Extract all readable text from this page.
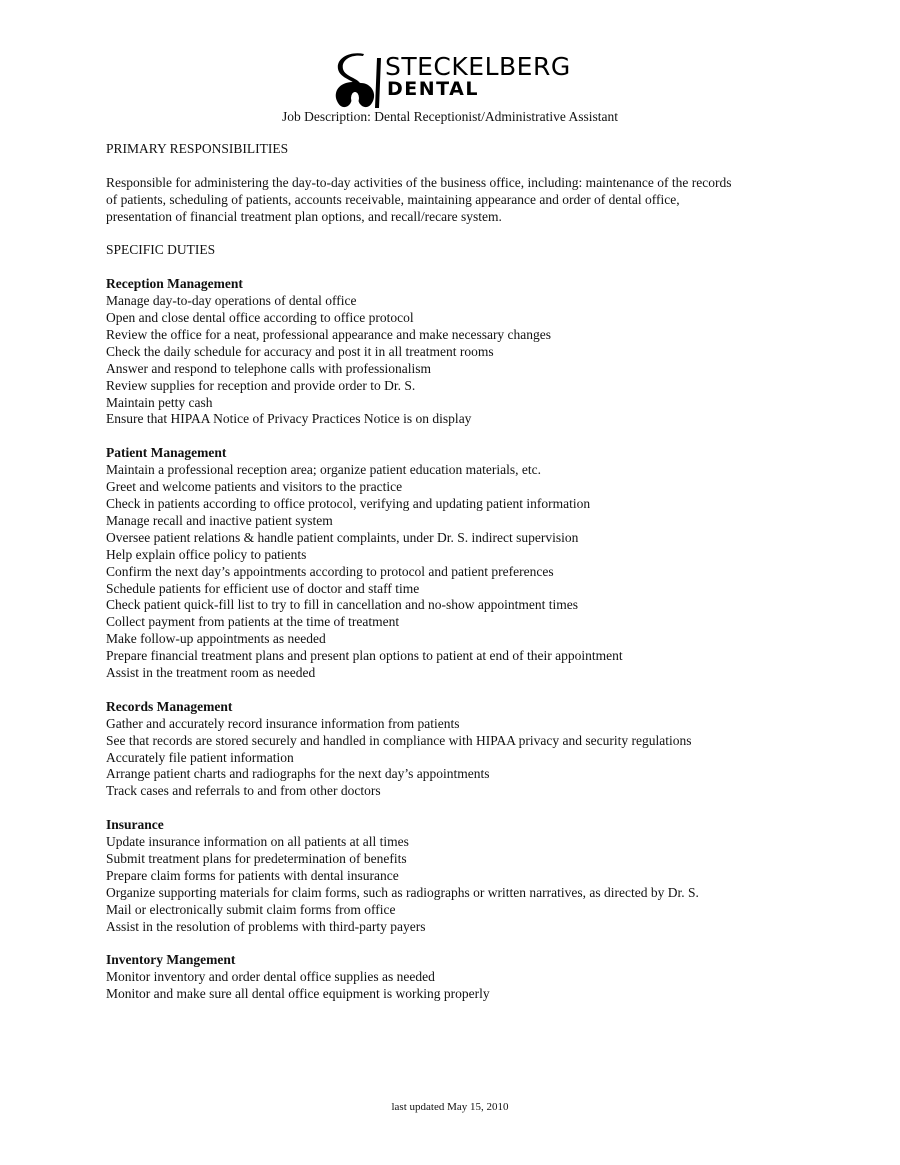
STECKELBERG
DENTAL
Job Description: Dental Receptionist/Administrative Assistant

PRIMARY RESPONSIBILITIES

Responsible for administering the day-to-day activities of the business office, including: maintenance of the records

of patients, scheduling of patients, accounts receivable, maintaining appearance and order of dental office,

presentation of financial treatment plan options, and recall/recare system.

SPECIFIC DUTIES

Reception Management

Manage day-to-day operations of dental office

Open and close dental office according to office protocol

Review the office for a neat, professional appearance and make necessary changes

Check the daily schedule for accuracy and post it in all treatment rooms

Answer and respond to telephone calls with professionalism

Review supplies for reception and provide order to Dr. S.

Maintain petty cash

Ensure that HIPAA Notice of Privacy Practices Notice is on display

Patient Management

Maintain a professional reception area; organize patient education materials, etc.

Greet and welcome patients and visitors to the practice

Check in patients according to office protocol, verifying and updating patient information

Manage recall and inactive patient system

Oversee patient relations & handle patient complaints, under Dr. S. indirect supervision

Help explain office policy to patients

Confirm the next day’s appointments according to protocol and patient preferences

Schedule patients for efficient use of doctor and staff time

Check patient quick-fill list to try to fill in cancellation and no-show appointment times

Collect payment from patients at the time of treatment

Make follow-up appointments as needed

Prepare financial treatment plans and present plan options to patient at end of their appointment

Assist in the treatment room as needed

Records Management

Gather and accurately record insurance information from patients

See that records are stored securely and handled in compliance with HIPAA privacy and security regulations

Accurately file patient information

Arrange patient charts and radiographs for the next day’s appointments

Track cases and referrals to and from other doctors

Insurance

Update insurance information on all patients at all times

Submit treatment plans for predetermination of benefits

Prepare claim forms for patients with dental insurance

Organize supporting materials for claim forms, such as radiographs or written narratives, as directed by Dr. S.

Mail or electronically submit claim forms from office

Assist in the resolution of problems with third-party payers

Inventory Mangement

Monitor inventory and order dental office supplies as needed

Monitor and make sure all dental office equipment is working properly

last updated May 15, 2010
